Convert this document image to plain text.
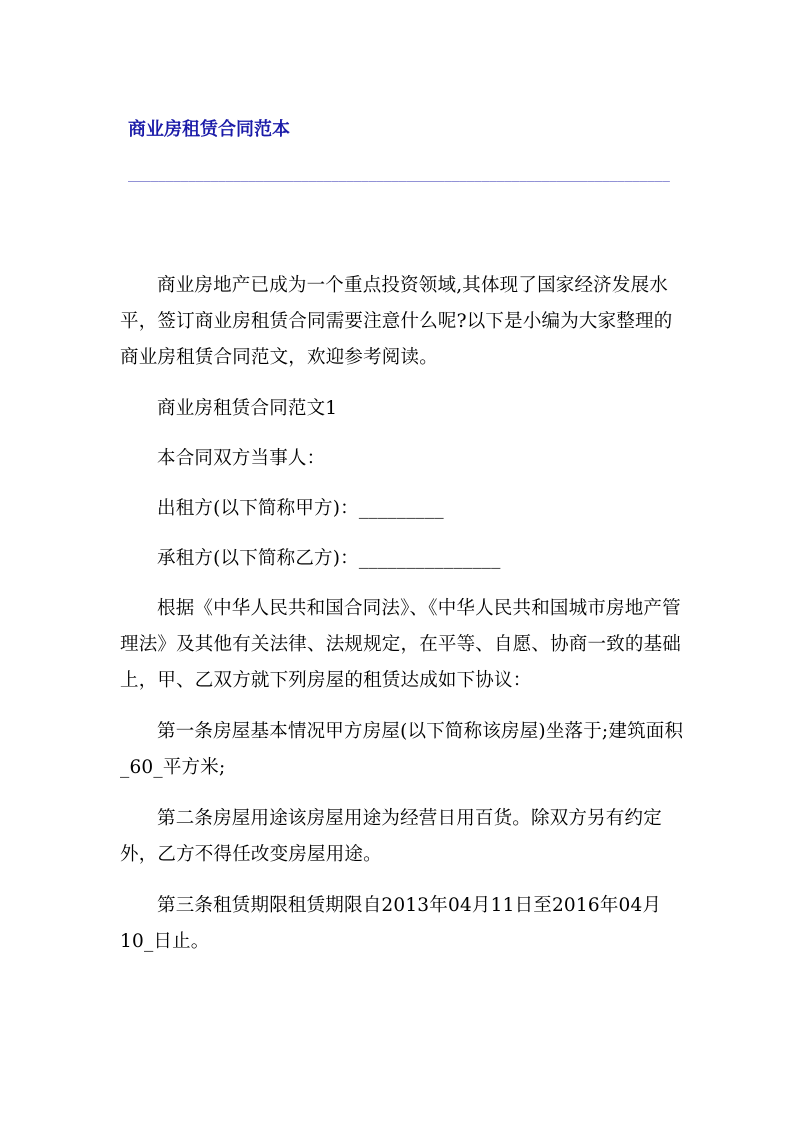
商业房租赁合同范本
________________________________________________________________________

商业房地产已成为一个重点投资领域,其体现了国家经济发展水平，签订商业房租赁合同需要注意什么呢?以下是小编为大家整理的商业房租赁合同范文，欢迎参考阅读。

商业房租赁合同范文1

本合同双方当事人：

出租方(以下简称甲方)：_________

承租方(以下简称乙方)：_______________

根据《中华人民共和国合同法》、《中华人民共和国城市房地产管理法》及其他有关法律、法规规定，在平等、自愿、协商一致的基础上，甲、乙双方就下列房屋的租赁达成如下协议：

第一条房屋基本情况甲方房屋(以下简称该房屋)坐落于;建筑面积_60_平方米;

第二条房屋用途该房屋用途为经营日用百货。除双方另有约定外，乙方不得任改变房屋用途。

第三条租赁期限租赁期限自2013年04月11日至2016年04月10_日止。
